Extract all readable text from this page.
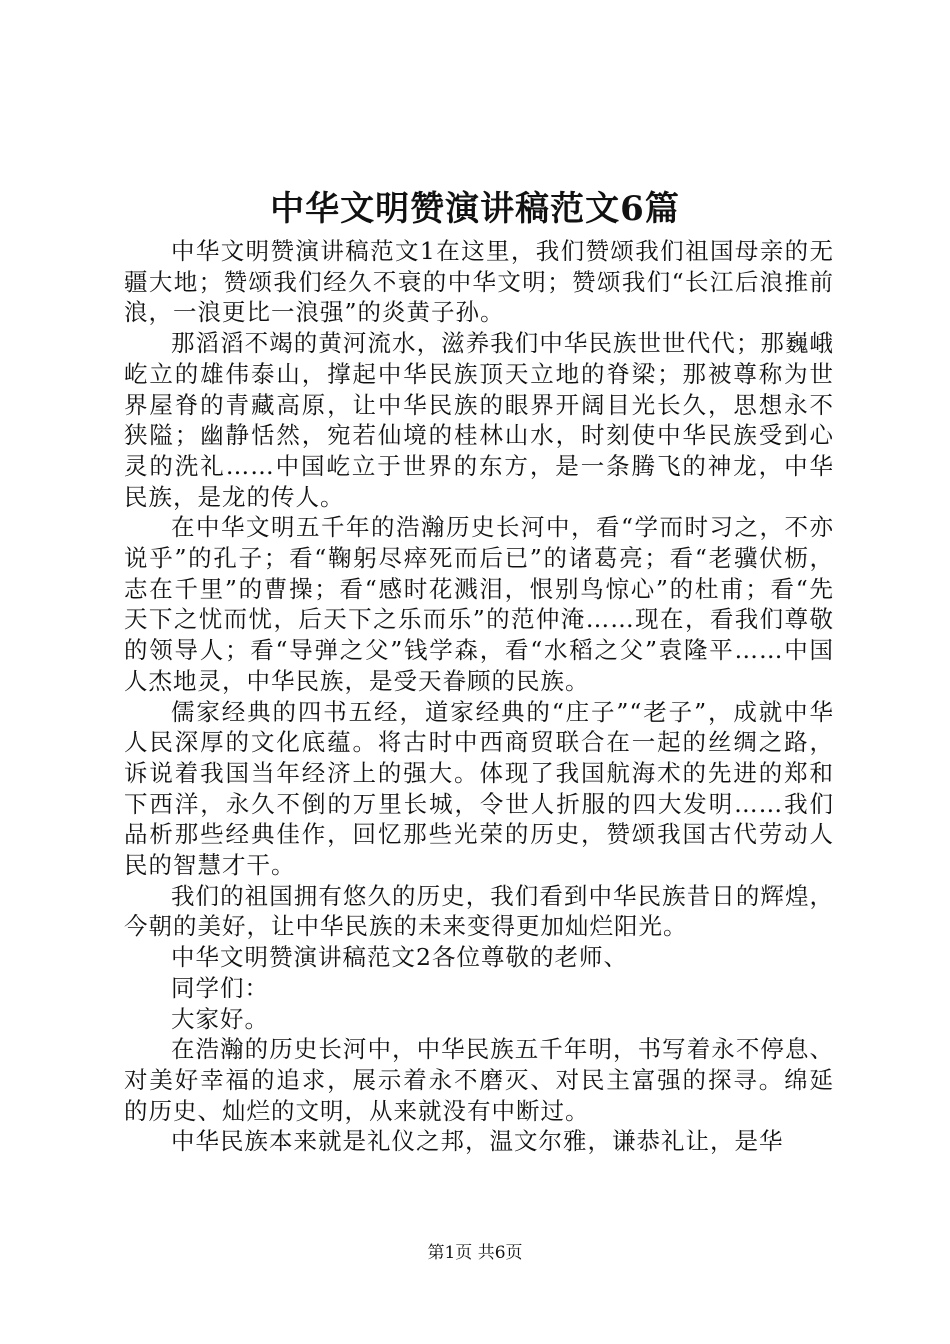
中华文明赞演讲稿范文6篇

中华文明赞演讲稿范文1在这里，我们赞颂我们祖国母亲的无疆大地；赞颂我们经久不衰的中华文明；赞颂我们“长江后浪推前浪，一浪更比一浪强”的炎黄子孙。

那滔滔不竭的黄河流水，滋养我们中华民族世世代代；那巍峨屹立的雄伟泰山，撑起中华民族顶天立地的脊梁；那被尊称为世界屋脊的青藏高原，让中华民族的眼界开阔目光长久，思想永不狭隘；幽静恬然，宛若仙境的桂林山水，时刻使中华民族受到心灵的洗礼……中国屹立于世界的东方，是一条腾飞的神龙，中华民族，是龙的传人。

在中华文明五千年的浩瀚历史长河中，看“学而时习之，不亦说乎”的孔子；看“鞠躬尽瘁死而后已”的诸葛亮；看“老骥伏枥，志在千里”的曹操；看“感时花溅泪，恨别鸟惊心”的杜甫；看“先天下之忧而忧，后天下之乐而乐”的范仲淹……现在，看我们尊敬的领导人；看“导弹之父”钱学森，看“水稻之父”袁隆平……中国人杰地灵，中华民族，是受天眷顾的民族。

儒家经典的四书五经，道家经典的“庄子”“老子”，成就中华人民深厚的文化底蕴。将古时中西商贸联合在一起的丝绸之路，诉说着我国当年经济上的强大。体现了我国航海术的先进的郑和下西洋，永久不倒的万里长城，令世人折服的四大发明……我们品析那些经典佳作，回忆那些光荣的历史，赞颂我国古代劳动人民的智慧才干。

我们的祖国拥有悠久的历史，我们看到中华民族昔日的辉煌，今朝的美好，让中华民族的未来变得更加灿烂阳光。

中华文明赞演讲稿范文2各位尊敬的老师、

同学们：

大家好。

在浩瀚的历史长河中，中华民族五千年明，书写着永不停息、对美好幸福的追求，展示着永不磨灭、对民主富强的探寻。绵延的历史、灿烂的文明，从来就没有中断过。

中华民族本来就是礼仪之邦，温文尔雅，谦恭礼让，是华

第1页 共6页
